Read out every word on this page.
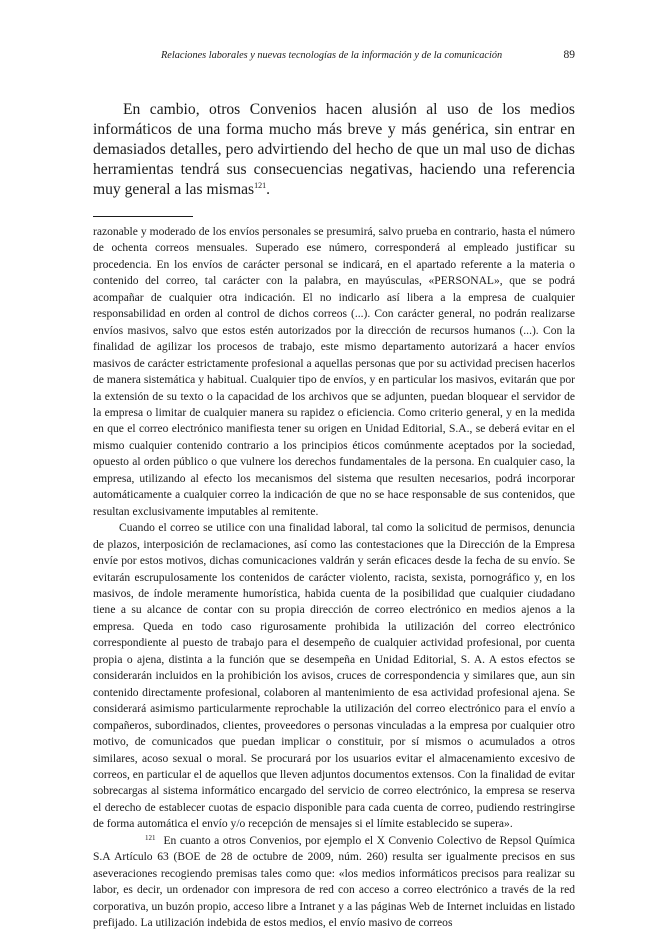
Relaciones laborales y nuevas tecnologías de la información y de la comunicación	89
En cambio, otros Convenios hacen alusión al uso de los medios informáticos de una forma mucho más breve y más genérica, sin entrar en demasiados detalles, pero advirtiendo del hecho de que un mal uso de dichas herramientas tendrá sus consecuencias negativas, haciendo una referencia muy general a las mismas$^{121}$.

razonable y moderado de los envíos personales se presumirá, salvo prueba en contrario, hasta el número de ochenta correos mensuales. Superado ese número, corresponderá al empleado justificar su procedencia. En los envíos de carácter personal se indicará, en el apartado referente a la materia o contenido del correo, tal carácter con la palabra, en mayúsculas, «PERSONAL», que se podrá acompañar de cualquier otra indicación. El no indicarlo así libera a la empresa de cualquier responsabilidad en orden al control de dichos correos (...). Con carácter general, no podrán realizarse envíos masivos, salvo que estos estén autorizados por la dirección de recursos humanos (...). Con la finalidad de agilizar los procesos de trabajo, este mismo departamento autorizará a hacer envíos masivos de carácter estrictamente profesional a aquellas personas que por su actividad precisen hacerlos de manera sistemática y habitual. Cualquier tipo de envíos, y en particular los masivos, evitarán que por la extensión de su texto o la capacidad de los archivos que se adjunten, puedan bloquear el servidor de la empresa o limitar de cualquier manera su rapidez o eficiencia. Como criterio general, y en la medida en que el correo electrónico manifiesta tener su origen en Unidad Editorial, S.A., se deberá evitar en el mismo cualquier contenido contrario a los principios éticos comúnmente aceptados por la sociedad, opuesto al orden público o que vulnere los derechos fundamentales de la persona. En cualquier caso, la empresa, utilizando al efecto los mecanismos del sistema que resulten necesarios, podrá incorporar automáticamente a cualquier correo la indicación de que no se hace responsable de sus contenidos, que resultan exclusivamente imputables al remitente.

Cuando el correo se utilice con una finalidad laboral, tal como la solicitud de permisos, denuncia de plazos, interposición de reclamaciones, así como las contestaciones que la Dirección de la Empresa envíe por estos motivos, dichas comunicaciones valdrán y serán eficaces desde la fecha de su envío. Se evitarán escrupulosamente los contenidos de carácter violento, racista, sexista, pornográfico y, en los masivos, de índole meramente humorística, habida cuenta de la posibilidad que cualquier ciudadano tiene a su alcance de contar con su propia dirección de correo electrónico en medios ajenos a la empresa. Queda en todo caso rigurosamente prohibida la utilización del correo electrónico correspondiente al puesto de trabajo para el desempeño de cualquier actividad profesional, por cuenta propia o ajena, distinta a la función que se desempeña en Unidad Editorial, S. A. A estos efectos se considerarán incluidos en la prohibición los avisos, cruces de correspondencia y similares que, aun sin contenido directamente profesional, colaboren al mantenimiento de esa actividad profesional ajena. Se considerará asimismo particularmente reprochable la utilización del correo electrónico para el envío a compañeros, subordinados, clientes, proveedores o personas vinculadas a la empresa por cualquier otro motivo, de comunicados que puedan implicar o constituir, por sí mismos o acumulados a otros similares, acoso sexual o moral. Se procurará por los usuarios evitar el almacenamiento excesivo de correos, en particular el de aquellos que lleven adjuntos documentos extensos. Con la finalidad de evitar sobrecargas al sistema informático encargado del servicio de correo electrónico, la empresa se reserva el derecho de establecer cuotas de espacio disponible para cada cuenta de correo, pudiendo restringirse de forma automática el envío y/o recepción de mensajes si el límite establecido se supera».

$^{121}$ En cuanto a otros Convenios, por ejemplo el X Convenio Colectivo de Repsol Química S.A Artículo 63 (BOE de 28 de octubre de 2009, núm. 260) resulta ser igualmente precisos en sus aseveraciones recogiendo premisas tales como que: «los medios informáticos precisos para realizar su labor, es decir, un ordenador con impresora de red con acceso a correo electrónico a través de la red corporativa, un buzón propio, acceso libre a Intranet y a las páginas Web de Internet incluidas en listado prefijado. La utilización indebida de estos medios, el envío masivo de correos
